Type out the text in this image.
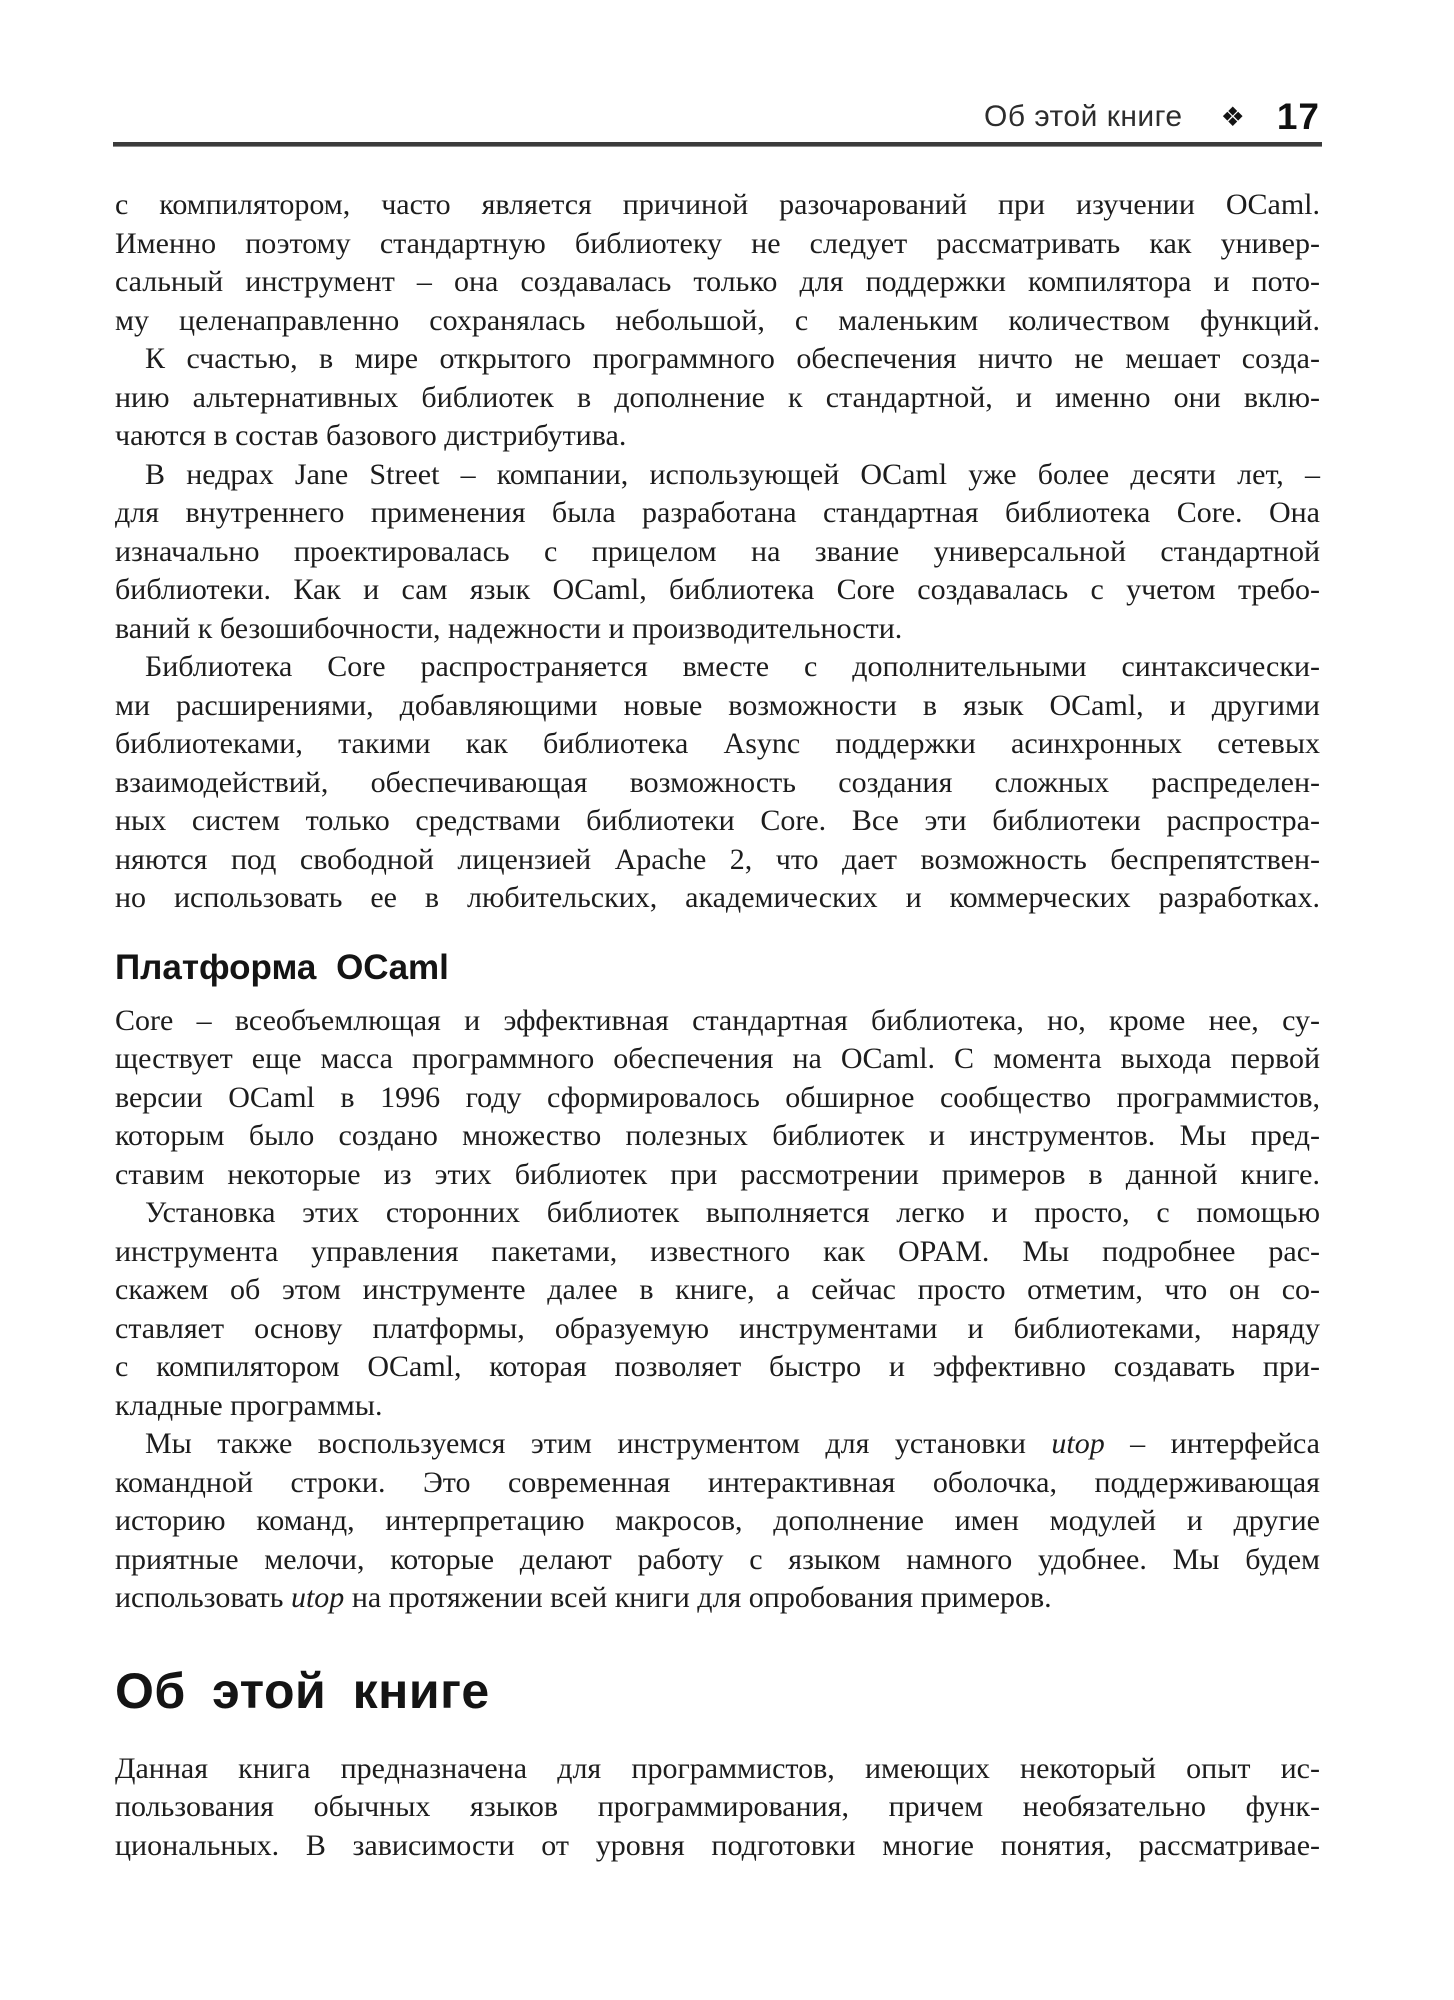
Об этой книге ❖ 17
с компилятором, часто является причиной разочарований при изучении OCaml.
Именно поэтому стандартную библиотеку не следует рассматривать как универ-
сальный инструмент – она создавалась только для поддержки компилятора и пото-
му целенаправленно сохранялась небольшой, с маленьким количеством функций.
К счастью, в мире открытого программного обеспечения ничто не мешает созда-
нию альтернативных библиотек в дополнение к стандартной, и именно они вклю-
чаются в состав базового дистрибутива.
В недрах Jane Street – компании, использующей OCaml уже более десяти лет, –
для внутреннего применения была разработана стандартная библиотека Core. Она
изначально проектировалась с прицелом на звание универсальной стандартной
библиотеки. Как и сам язык OCaml, библиотека Core создавалась с учетом требо-
ваний к безошибочности, надежности и производительности.
Библиотека Core распространяется вместе с дополнительными синтаксически-
ми расширениями, добавляющими новые возможности в язык OCaml, и другими
библиотеками, такими как библиотека Async поддержки асинхронных сетевых
взаимодействий, обеспечивающая возможность создания сложных распределен-
ных систем только средствами библиотеки Core. Все эти библиотеки распростра-
няются под свободной лицензией Apache 2, что дает возможность беспрепятствен-
но использовать ее в любительских, академических и коммерческих разработках.
Платформа OCaml
Core – всеобъемлющая и эффективная стандартная библиотека, но, кроме нее, су-
ществует еще масса программного обеспечения на OCaml. С момента выхода первой
версии OCaml в 1996 году сформировалось обширное сообщество программистов,
которым было создано множество полезных библиотек и инструментов. Мы пред-
ставим некоторые из этих библиотек при рассмотрении примеров в данной книге.
Установка этих сторонних библиотек выполняется легко и просто, с помощью
инструмента управления пакетами, известного как OPAM. Мы подробнее рас-
скажем об этом инструменте далее в книге, а сейчас просто отметим, что он со-
ставляет основу платформы, образуемую инструментами и библиотеками, наряду
с компилятором OCaml, которая позволяет быстро и эффективно создавать при-
кладные программы.
Мы также воспользуемся этим инструментом для установки utop – интерфейса
командной строки. Это современная интерактивная оболочка, поддерживающая
историю команд, интерпретацию макросов, дополнение имен модулей и другие
приятные мелочи, которые делают работу с языком намного удобнее. Мы будем
использовать utop на протяжении всей книги для опробования примеров.
Об этой книге
Данная книга предназначена для программистов, имеющих некоторый опыт ис-
пользования обычных языков программирования, причем необязательно функ-
циональных. В зависимости от уровня подготовки многие понятия, рассматривае-
